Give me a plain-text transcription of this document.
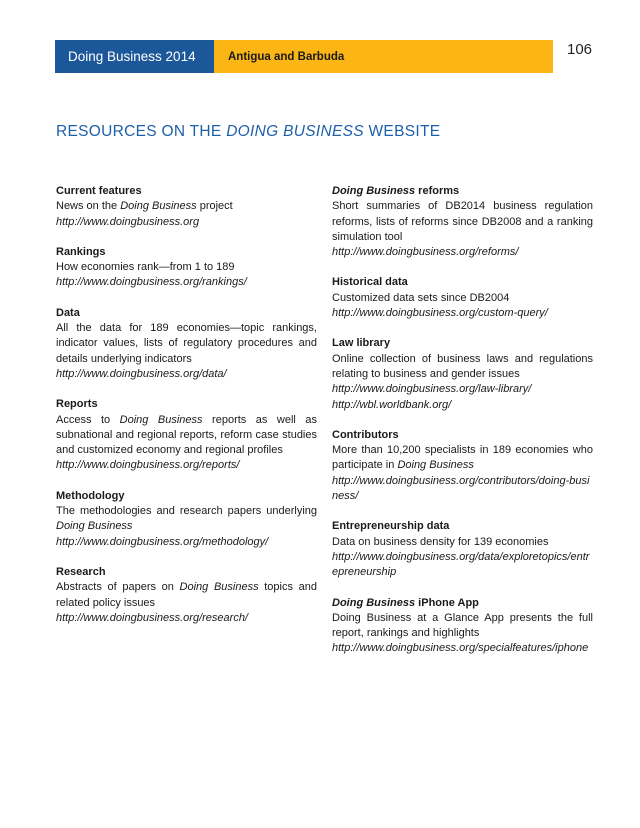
Doing Business 2014	Antigua and Barbuda	106
RESOURCES ON THE DOING BUSINESS WEBSITE
Current features

News on the Doing Business project

http://www.doingbusiness.org
Rankings

How economies rank—from 1 to 189

http://www.doingbusiness.org/rankings/
Data

All the data for 189 economies—topic rankings, indicator values, lists of regulatory procedures and details underlying indicators

http://www.doingbusiness.org/data/
Reports

Access to Doing Business reports as well as subnational and regional reports, reform case studies and customized economy and regional profiles

http://www.doingbusiness.org/reports/
Methodology

The methodologies and research papers underlying Doing Business

http://www.doingbusiness.org/methodology/
Research

Abstracts of papers on Doing Business topics and related policy issues

http://www.doingbusiness.org/research/
Doing Business reforms

Short summaries of DB2014 business regulation reforms, lists of reforms since DB2008 and a ranking simulation tool

http://www.doingbusiness.org/reforms/
Historical data

Customized data sets since DB2004

http://www.doingbusiness.org/custom-query/
Law library

Online collection of business laws and regulations relating to business and gender issues

http://www.doingbusiness.org/law-library/
http://wbl.worldbank.org/
Contributors

More than 10,200 specialists in 189 economies who participate in Doing Business

http://www.doingbusiness.org/contributors/doing-business/
Entrepreneurship data

Data on business density for 139 economies

http://www.doingbusiness.org/data/exploretopics/entrepreneurship
Doing Business iPhone App

Doing Business at a Glance App presents the full report, rankings and highlights

http://www.doingbusiness.org/specialfeatures/iphone
